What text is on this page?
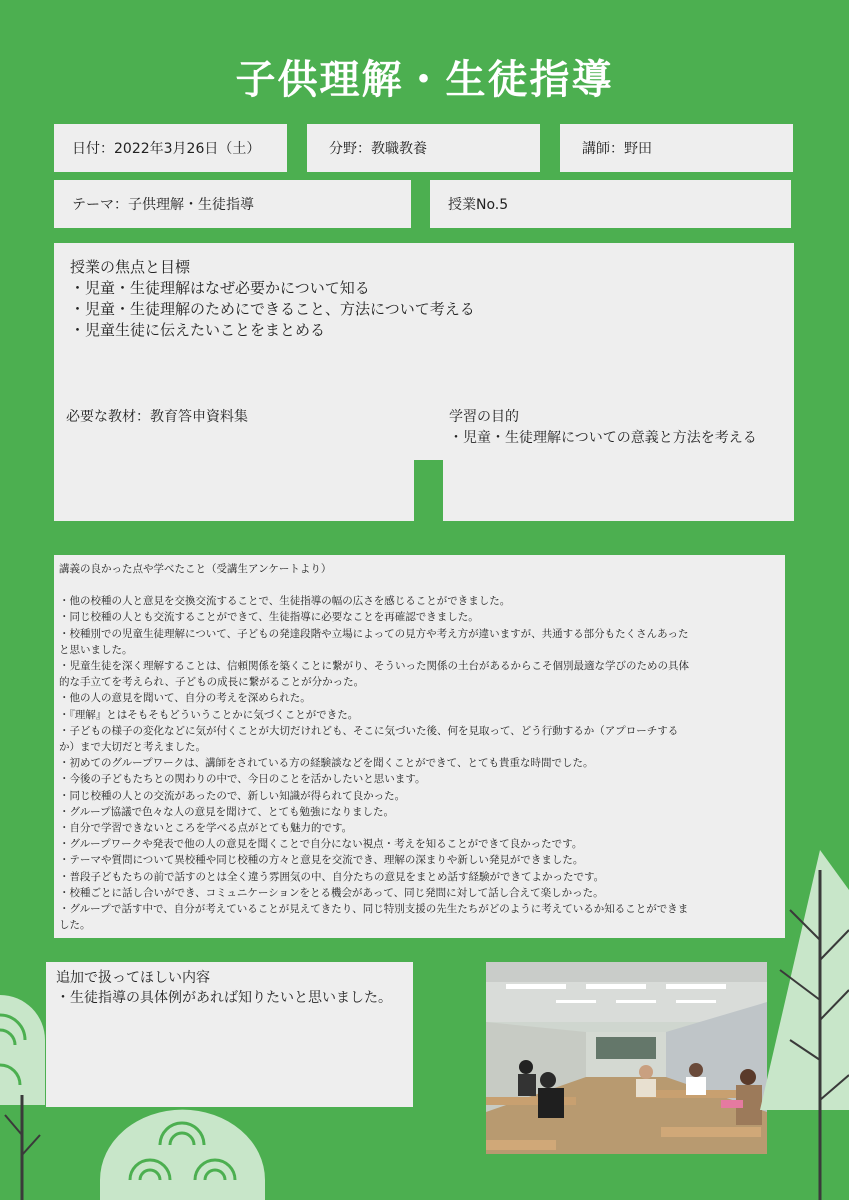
子供理解・生徒指導
日付：2022年3月26日（土）	分野：教職教養	講師：野田
テーマ：子供理解・生徒指導	授業No.5
授業の焦点と目標
・児童・生徒理解はなぜ必要かについて知る
・児童・生徒理解のためにできること、方法について考える
・児童生徒に伝えたいことをまとめる
必要な教材：教育答申資料集	学習の目的
・児童・生徒理解についての意義と方法を考える
講義の良かった点や学べたこと（受講生アンケートより）
・他の校種の人と意見を交換交流することで、生徒指導の幅の広さを感じることができました。
・同じ校種の人とも交流することができて、生徒指導に必要なことを再確認できました。
・校種別での児童生徒理解について、子どもの発達段階や立場によっての見方や考え方が違いますが、共通する部分もたくさんあった
と思いました。
・児童生徒を深く理解することは、信頼関係を築くことに繋がり、そういった関係の土台があるからこそ個別最適な学びのための具体
的な手立てを考えられ、子どもの成長に繋がることが分かった。
・他の人の意見を聞いて、自分の考えを深められた。
・『理解』とはそもそもどういうことかに気づくことができた。
・子どもの様子の変化などに気が付くことが大切だけれども、そこに気づいた後、何を見取って、どう行動するか（アプローチする
か）まで大切だと考えました。
・初めてのグループワークは、講師をされている方の経験談などを聞くことができて、とても貴重な時間でした。
・今後の子どもたちとの関わりの中で、今日のことを活かしたいと思います。
・同じ校種の人との交流があったので、新しい知識が得られて良かった。
・グループ協議で色々な人の意見を聞けて、とても勉強になりました。
・自分で学習できないところを学べる点がとても魅力的です。
・グループワークや発表で他の人の意見を聞くことで自分にない視点・考えを知ることができて良かったです。
・テーマや質問について異校種や同じ校種の方々と意見を交流でき、理解の深まりや新しい発見ができました。
・普段子どもたちの前で話すのとは全く違う雰囲気の中、自分たちの意見をまとめ話す経験ができてよかったです。
・校種ごとに話し合いができ、コミュニケーションをとる機会があって、同じ発問に対して話し合えて楽しかった。
・グループで話す中で、自分が考えていることが見えてきたり、同じ特別支援の先生たちがどのように考えているか知ることができま
した。
追加で扱ってほしい内容
・生徒指導の具体例があれば知りたいと思いました。
